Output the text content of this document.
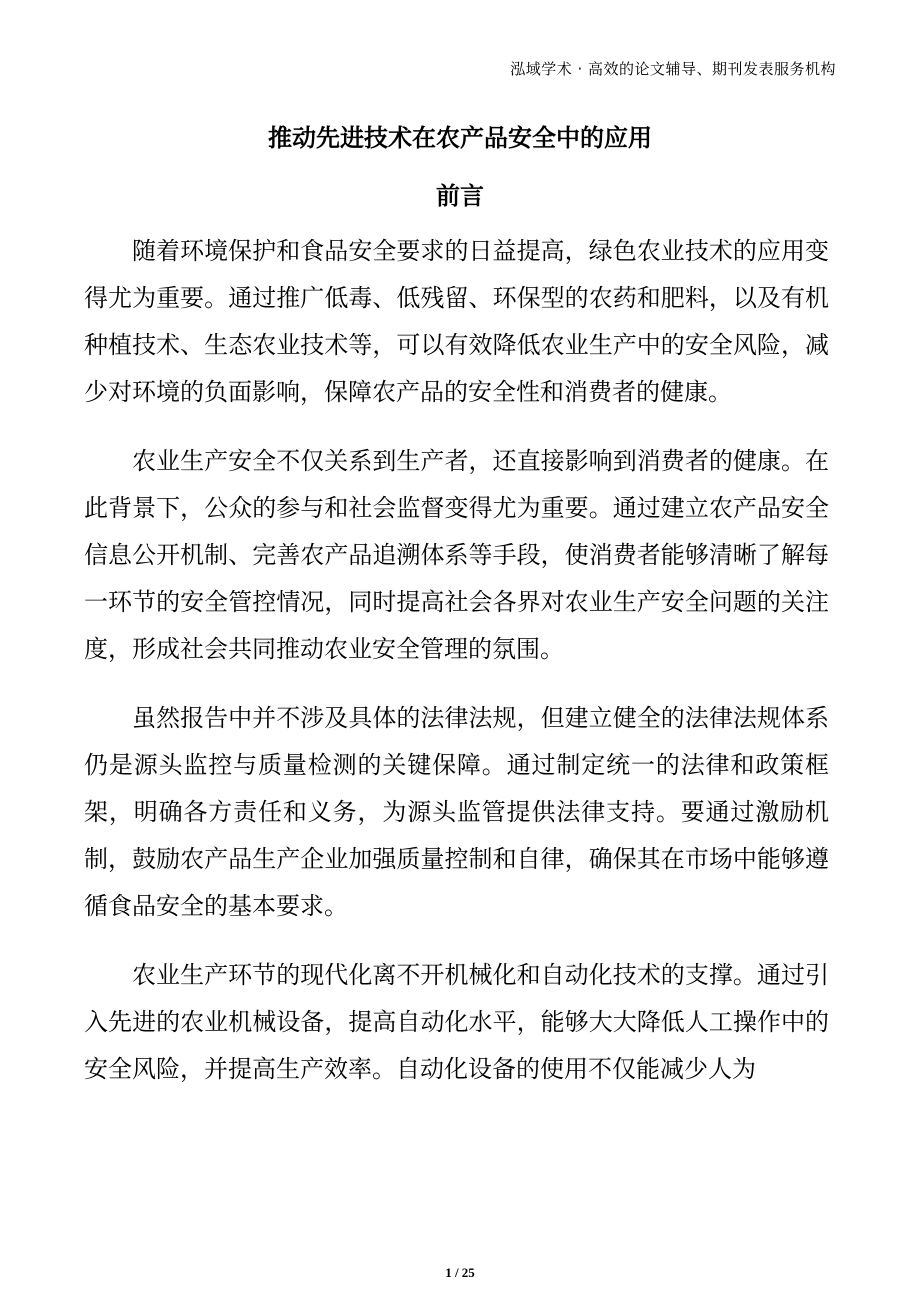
泓域学术 · 高效的论文辅导、期刊发表服务机构
推动先进技术在农产品安全中的应用
前言

随着环境保护和食品安全要求的日益提高，绿色农业技术的应用变得尤为重要。通过推广低毒、低残留、环保型的农药和肥料，以及有机种植技术、生态农业技术等，可以有效降低农业生产中的安全风险，减少对环境的负面影响，保障农产品的安全性和消费者的健康。

农业生产安全不仅关系到生产者，还直接影响到消费者的健康。在此背景下，公众的参与和社会监督变得尤为重要。通过建立农产品安全信息公开机制、完善农产品追溯体系等手段，使消费者能够清晰了解每一环节的安全管控情况，同时提高社会各界对农业生产安全问题的关注度，形成社会共同推动农业安全管理的氛围。

虽然报告中并不涉及具体的法律法规，但建立健全的法律法规体系仍是源头监控与质量检测的关键保障。通过制定统一的法律和政策框架，明确各方责任和义务，为源头监管提供法律支持。要通过激励机制，鼓励农产品生产企业加强质量控制和自律，确保其在市场中能够遵循食品安全的基本要求。

农业生产环节的现代化离不开机械化和自动化技术的支撑。通过引入先进的农业机械设备，提高自动化水平，能够大大降低人工操作中的安全风险，并提高生产效率。自动化设备的使用不仅能减少人为

1 / 25
